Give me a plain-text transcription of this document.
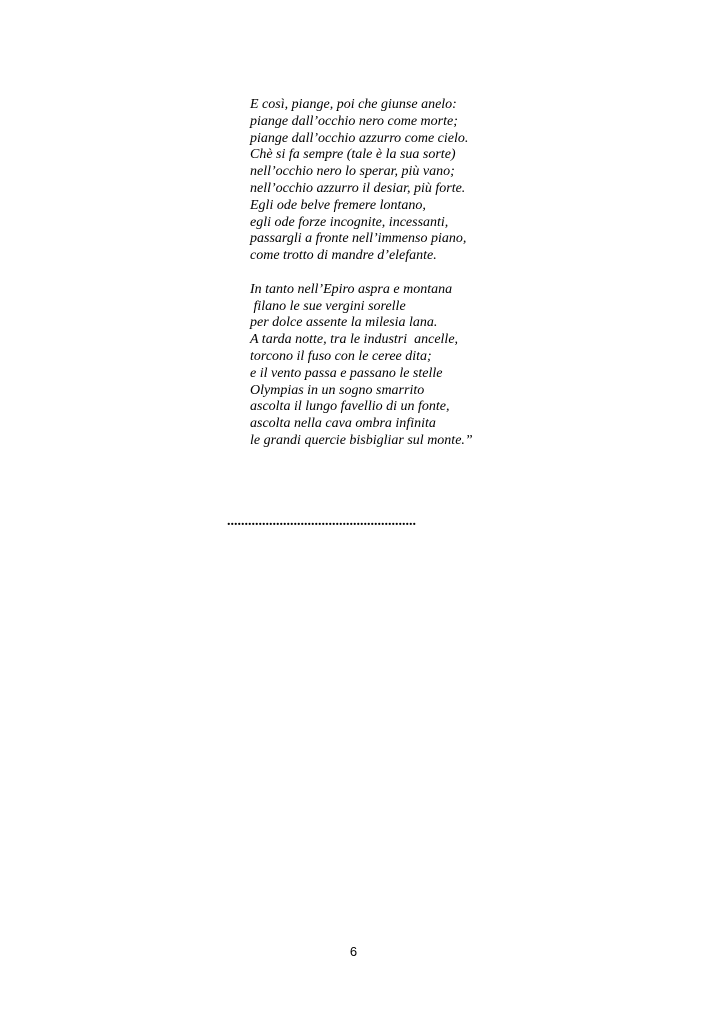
E così, piange, poi che giunse anelo:
piange dall’occhio nero come morte;
piange dall’occhio azzurro come cielo.
Chè si fa sempre (tale è la sua sorte)
nell’occhio nero lo sperar, più vano;
nell’occhio azzurro il desiar, più forte.
Egli ode belve fremere lontano,
egli ode forze incognite, incessanti,
passargli a fronte nell’immenso piano,
come trotto di mandre d’elefante.
In tanto nell’Epiro aspra e montana
filano le sue vergini sorelle
per dolce assente la milesia lana.
A tarda notte, tra le industri  ancelle,
torcono il fuso con le ceree dita;
e il vento passa e passano le stelle
Olympias in un sogno smarrito
ascolta il lungo favellio di un fonte,
ascolta nella cava ombra infinita
le grandi quercie bisbigliar sul monte.”
......................................................
6
